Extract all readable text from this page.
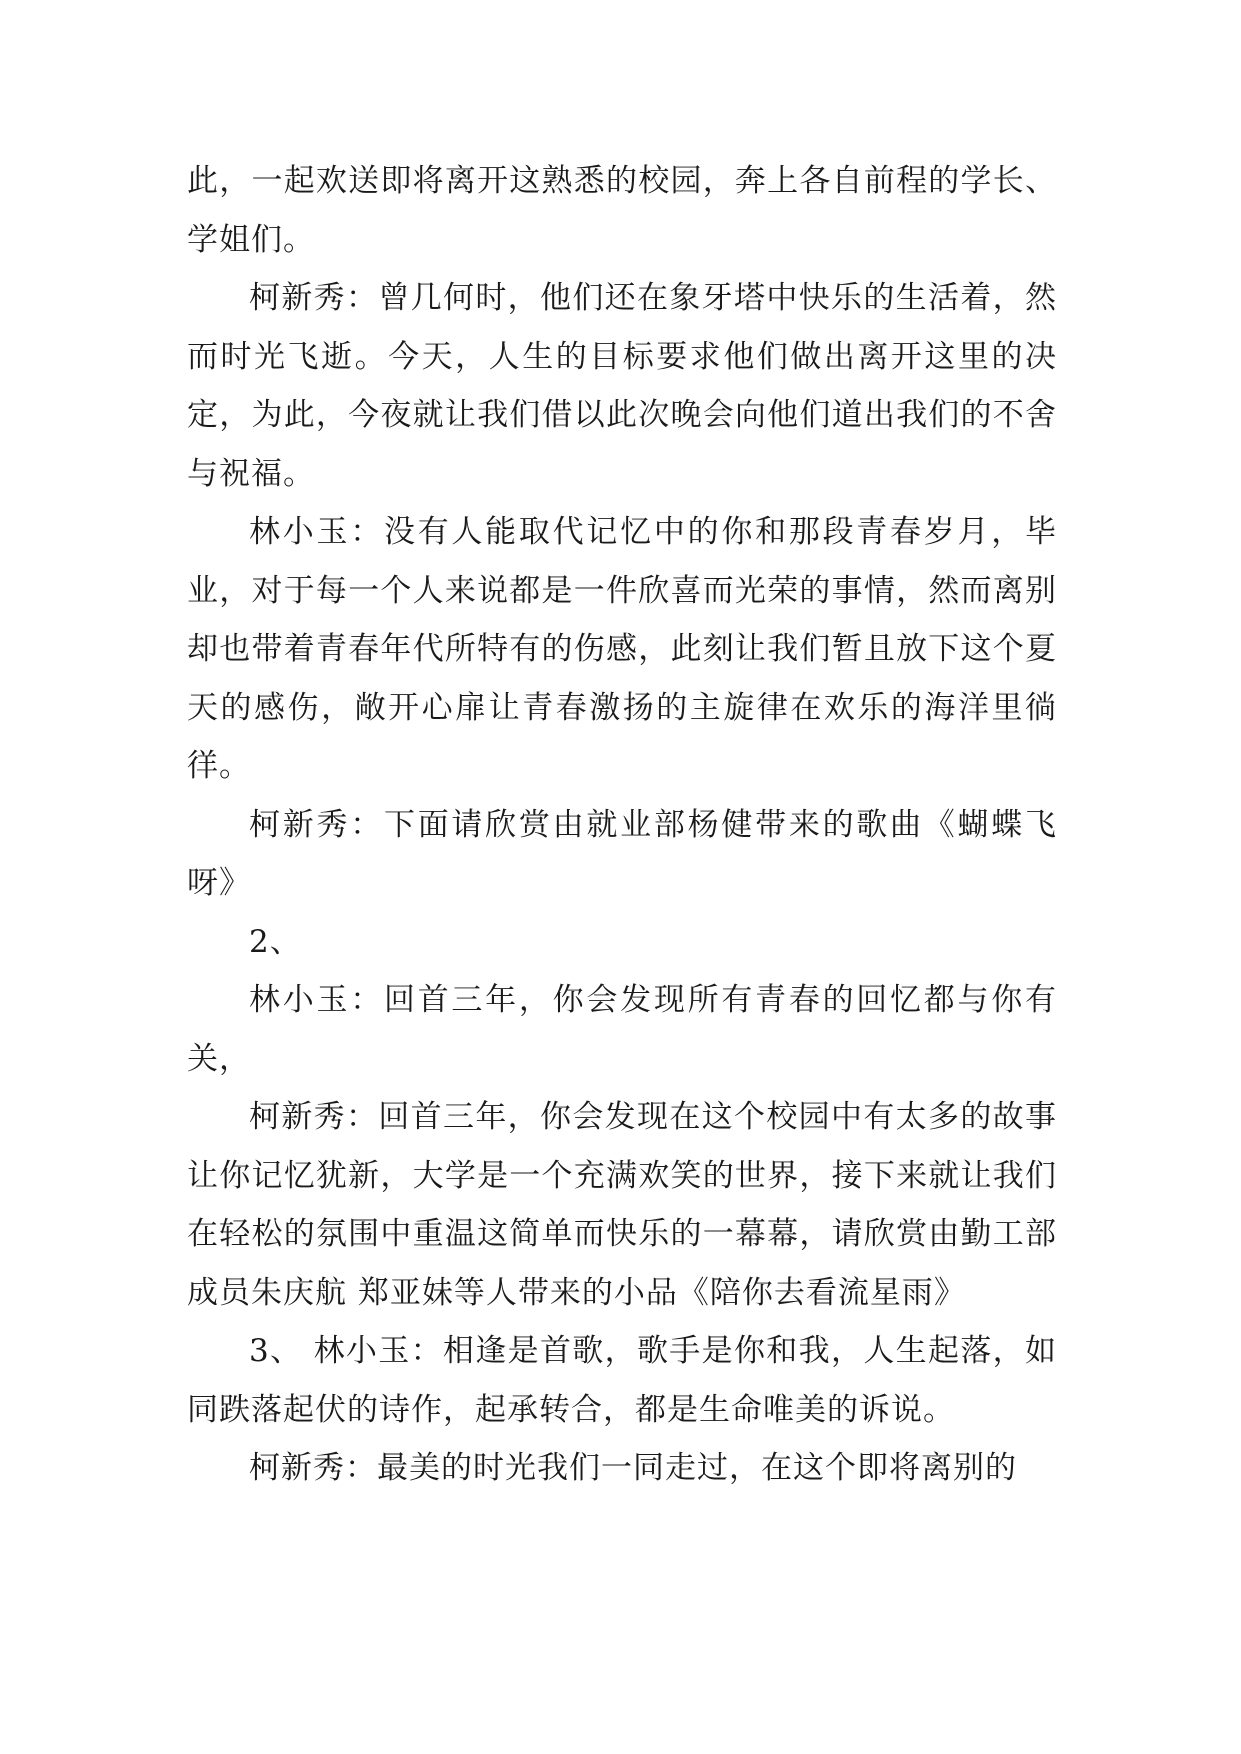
此，一起欢送即将离开这熟悉的校园，奔上各自前程的学长、学姐们。

柯新秀：曾几何时，他们还在象牙塔中快乐的生活着，然而时光飞逝。今天，人生的目标要求他们做出离开这里的决定，为此，今夜就让我们借以此次晚会向他们道出我们的不舍与祝福。

林小玉：没有人能取代记忆中的你和那段青春岁月，毕业，对于每一个人来说都是一件欣喜而光荣的事情，然而离别却也带着青春年代所特有的伤感，此刻让我们暂且放下这个夏天的感伤，敞开心扉让青春激扬的主旋律在欢乐的海洋里徜徉。

柯新秀：下面请欣赏由就业部杨健带来的歌曲《蝴蝶飞呀》

2、

林小玉：回首三年，你会发现所有青春的回忆都与你有关，

柯新秀：回首三年，你会发现在这个校园中有太多的故事让你记忆犹新，大学是一个充满欢笑的世界，接下来就让我们在轻松的氛围中重温这简单而快乐的一幕幕，请欣赏由勤工部成员朱庆航 郑亚妹等人带来的小品《陪你去看流星雨》

3、 林小玉：相逢是首歌，歌手是你和我，人生起落，如同跌落起伏的诗作，起承转合，都是生命唯美的诉说。

柯新秀：最美的时光我们一同走过，在这个即将离别的
